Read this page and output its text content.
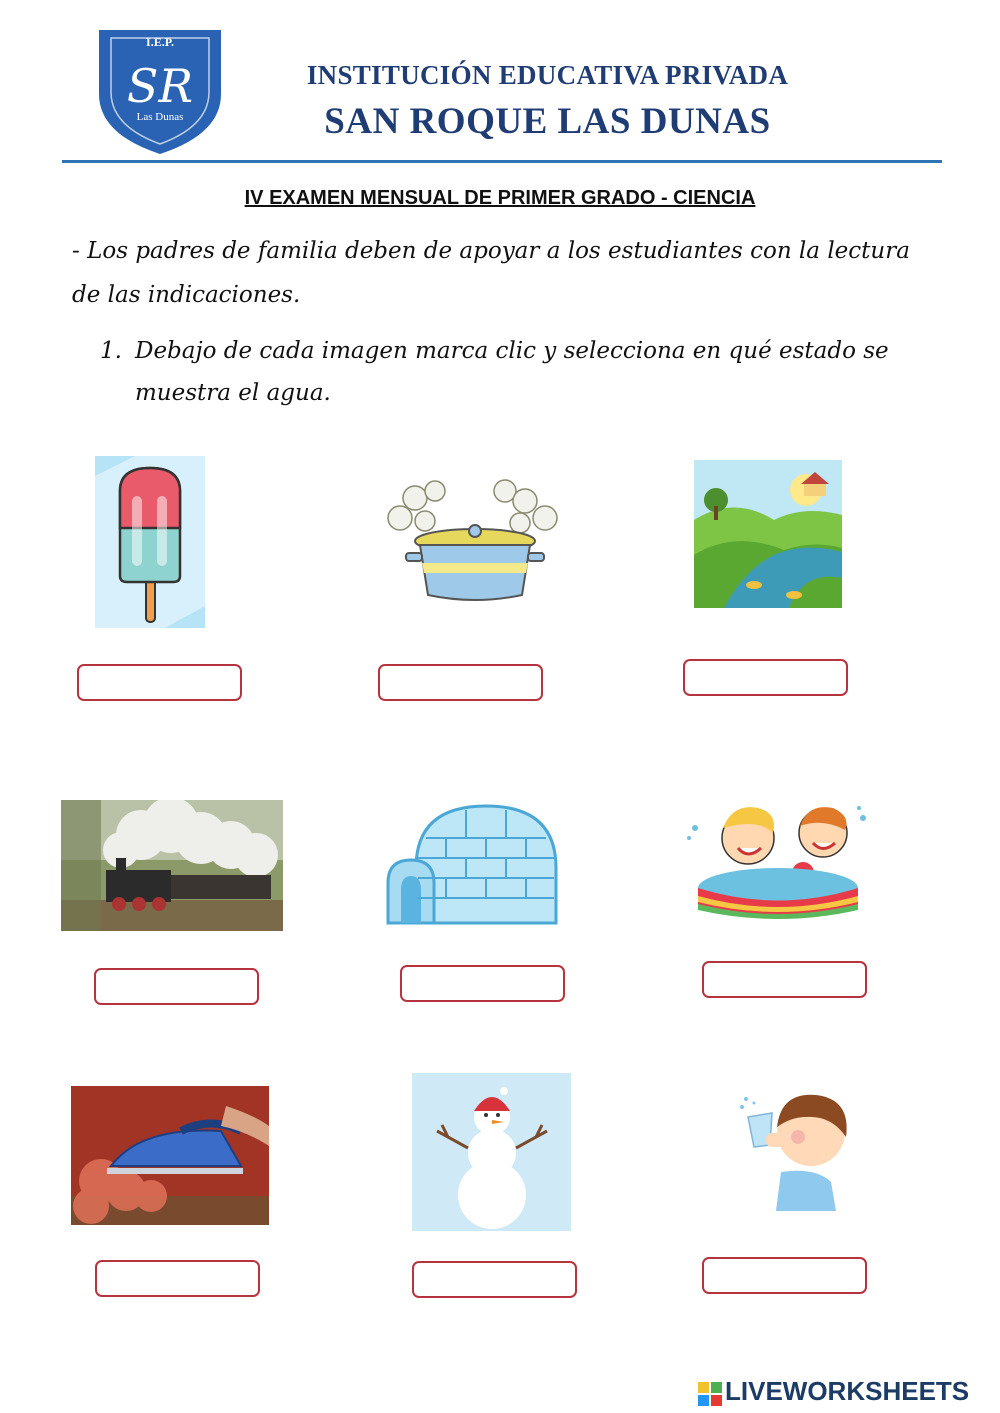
I.E.P.
SR
Las Dunas
INSTITUCIÓN EDUCATIVA PRIVADA
SAN ROQUE LAS DUNAS
IV EXAMEN MENSUAL DE PRIMER GRADO - CIENCIA
- Los padres de familia deben de apoyar a los estudiantes con la lectura
de las indicaciones.
1. Debajo de cada imagen marca clic y selecciona en qué estado se
muestra el agua.
LIVEWORKSHEETS
